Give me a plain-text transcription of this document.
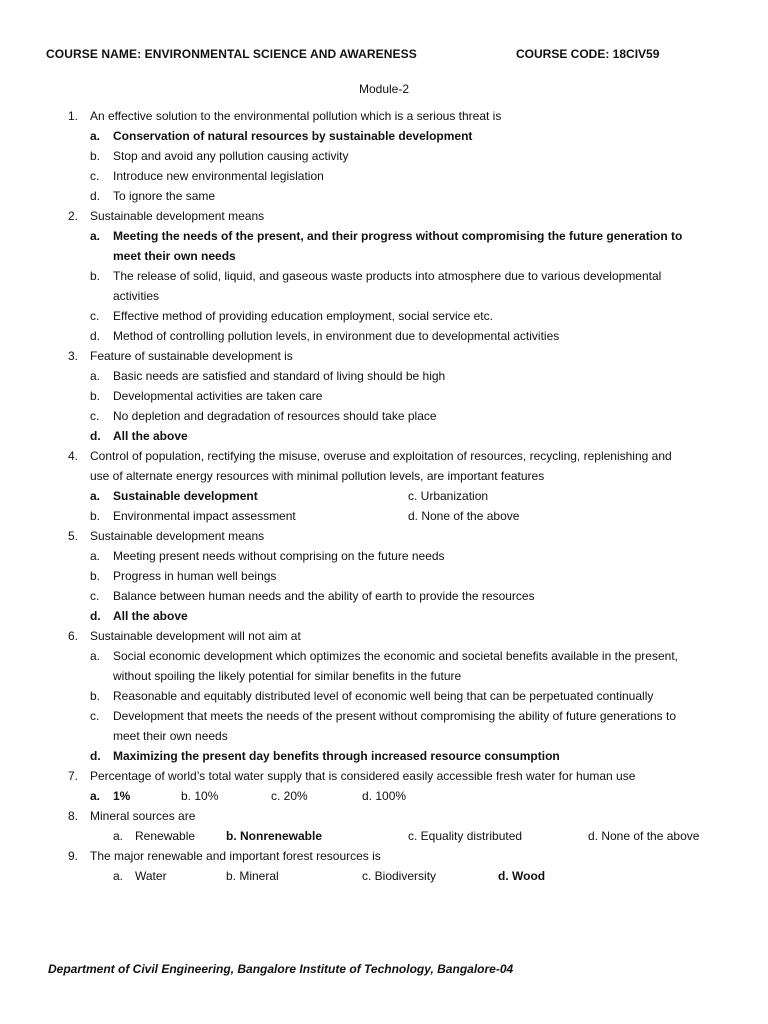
COURSE NAME: ENVIRONMENTAL SCIENCE AND AWARENESS	COURSE CODE: 18CIV59
Module-2
1. An effective solution to the environmental pollution which is a serious threat is
a. Conservation of natural resources by sustainable development
b. Stop and avoid any pollution causing activity
c. Introduce new environmental legislation
d. To ignore the same
2. Sustainable development means
a. Meeting the needs of the present, and their progress without compromising the future generation to
meet their own needs
b. The release of solid, liquid, and gaseous waste products into atmosphere due to various developmental
activities
c. Effective method of providing education employment, social service etc.
d. Method of controlling pollution levels, in environment due to developmental activities
3. Feature of sustainable development is
a. Basic needs are satisfied and standard of living should be high
b. Developmental activities are taken care
c. No depletion and degradation of resources should take place
d. All the above
4. Control of population, rectifying the misuse, overuse and exploitation of resources, recycling, replenishing and
use of alternate energy resources with minimal pollution levels, are important features
a. Sustainable development	c. Urbanization
b. Environmental impact assessment	d. None of the above
5. Sustainable development means
a. Meeting present needs without comprising on the future needs
b. Progress in human well beings
c. Balance between human needs and the ability of earth to provide the resources
d. All the above
6. Sustainable development will not aim at
a. Social economic development which optimizes the economic and societal benefits available in the present,
without spoiling the likely potential for similar benefits in the future
b. Reasonable and equitably distributed level of economic well being that can be perpetuated continually
c. Development that meets the needs of the present without compromising the ability of future generations to
meet their own needs
d. Maximizing the present day benefits through increased resource consumption
7. Percentage of world’s total water supply that is considered easily accessible fresh water for human use
a. 1%	b. 10%	c. 20%	d. 100%
8. Mineral sources are
a. Renewable	b. Nonrenewable	c. Equality distributed	d. None of the above
9. The major renewable and important forest resources is
a. Water	b. Mineral	c. Biodiversity	d. Wood
Department of Civil Engineering, Bangalore Institute of Technology, Bangalore-04
